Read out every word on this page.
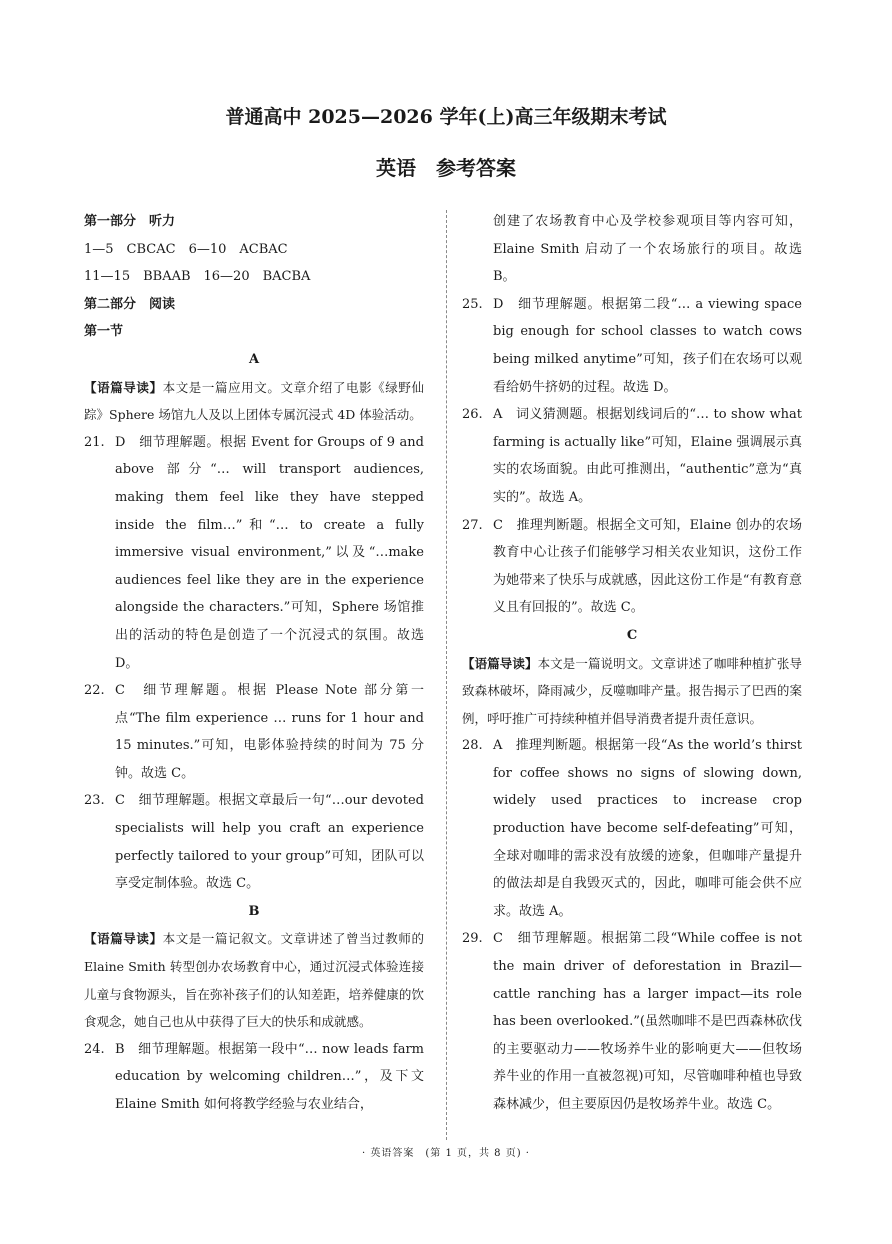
普通高中 2025—2026 学年(上)高三年级期末考试
英语　参考答案
第一部分　听力
1—5　CBCAC　6—10　ACBAC
11—15　BBAAB　16—20　BACBA
第二部分　阅读
第一节
A
【语篇导读】本文是一篇应用文。文章介绍了电影《绿野仙踪》Sphere 场馆九人及以上团体专属沉浸式 4D 体验活动。
21. D　细节理解题。根据 Event for Groups of 9 and above 部分“… will transport audiences, making them feel like they have stepped inside the film…”和“… to create a fully immersive visual environment,”以及“…make audiences feel like they are in the experience alongside the characters.”可知，Sphere 场馆推出的活动的特色是创造了一个沉浸式的氛围。故选 D。
22. C　细节理解题。根据 Please Note 部分第一点“The film experience … runs for 1 hour and 15 minutes.”可知，电影体验持续的时间为 75 分钟。故选 C。
23. C　细节理解题。根据文章最后一句“…our devoted specialists will help you craft an experience perfectly tailored to your group”可知，团队可以享受定制体验。故选 C。
B
【语篇导读】本文是一篇记叙文。文章讲述了曾当过教师的 Elaine Smith 转型创办农场教育中心，通过沉浸式体验连接儿童与食物源头，旨在弥补孩子们的认知差距，培养健康的饮食观念，她自己也从中获得了巨大的快乐和成就感。
24. B　细节理解题。根据第一段中“… now leads farm education by welcoming children…”，及下文 Elaine Smith 如何将教学经验与农业结合，
创建了农场教育中心及学校参观项目等内容可知，Elaine Smith 启动了一个农场旅行的项目。故选 B。
25. D　细节理解题。根据第二段“… a viewing space big enough for school classes to watch cows being milked anytime”可知，孩子们在农场可以观看给奶牛挤奶的过程。故选 D。
26. A　词义猜测题。根据划线词后的“… to show what farming is actually like”可知，Elaine 强调展示真实的农场面貌。由此可推测出，“authentic”意为“真实的”。故选 A。
27. C　推理判断题。根据全文可知，Elaine 创办的农场教育中心让孩子们能够学习相关农业知识，这份工作为她带来了快乐与成就感，因此这份工作是“有教育意义且有回报的”。故选 C。
C
【语篇导读】本文是一篇说明文。文章讲述了咖啡种植扩张导致森林破坏，降雨减少，反噬咖啡产量。报告揭示了巴西的案例，呼吁推广可持续种植并倡导消费者提升责任意识。
28. A　推理判断题。根据第一段“As the world’s thirst for coffee shows no signs of slowing down, widely used practices to increase crop production have become self-defeating”可知，全球对咖啡的需求没有放缓的迹象，但咖啡产量提升的做法却是自我毁灭式的，因此，咖啡可能会供不应求。故选 A。
29. C　细节理解题。根据第二段“While coffee is not the main driver of deforestation in Brazil—cattle ranching has a larger impact—its role has been overlooked.”(虽然咖啡不是巴西森林砍伐的主要驱动力——牧场养牛业的影响更大——但牧场养牛业的作用一直被忽视)可知，尽管咖啡种植也导致森林减少，但主要原因仍是牧场养牛业。故选 C。
· 英语答案　(第 1 页，共 8 页) ·
